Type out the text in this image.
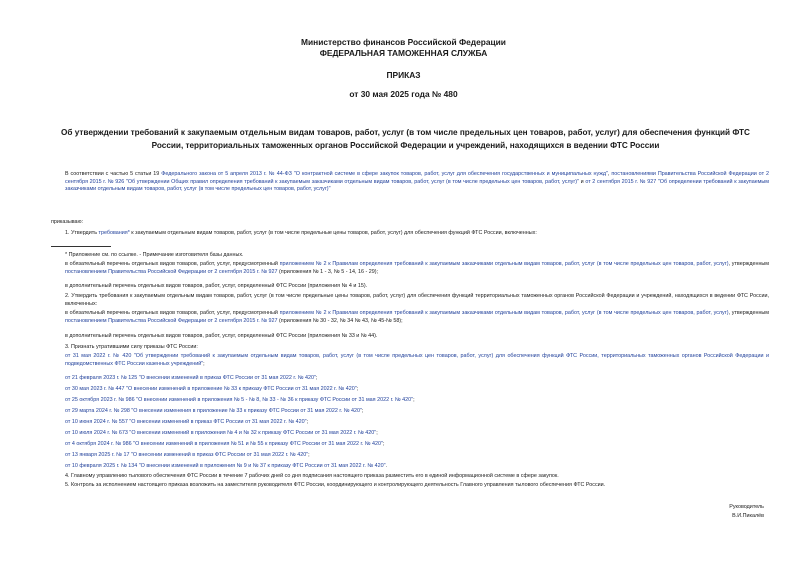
Министерство финансов Российской Федерации
ФЕДЕРАЛЬНАЯ ТАМОЖЕННАЯ СЛУЖБА
ПРИКАЗ
от 30 мая 2025 года № 480
Об утверждении требований к закупаемым отдельным видам товаров, работ, услуг (в том числе предельных цен товаров, работ, услуг) для обеспечения функций ФТС России, территориальных таможенных органов Российской Федерации и учреждений, находящихся в ведении ФТС России
В соответствии с частью 5 статьи 19 Федерального закона от 5 апреля 2013 г. № 44-ФЗ "О контрактной системе в сфере закупок товаров, работ, услуг для обеспечения государственных и муниципальных нужд", постановлениями Правительства Российской Федерации от 2 сентября 2015 г. № 926 "Об утверждении Общих правил определения требований к закупаемым заказчиками отдельным видам товаров, работ, услуг (в том числе предельных цен товаров, работ, услуг)" и от 2 сентября 2015 г. № 927 "Об определении требований к закупаемым заказчиками отдельным видам товаров, работ, услуг (в том числе предельных цен товаров, работ, услуг)"
приказываю:
1. Утвердить требования* к закупаемым отдельным видам товаров, работ, услуг (в том числе предельные цены товаров, работ, услуг) для обеспечения функций ФТС России, включенных:
* Приложение см. по ссылке. - Примечание изготовителя базы данных.
в обязательный перечень отдельных видов товаров, работ, услуг, предусмотренный приложением № 2 к Правилам определения требований к закупаемым заказчиками отдельным видам товаров, работ, услуг (в том числе предельных цен товаров, работ, услуг), утвержденным постановлением Правительства Российской Федерации от 2 сентября 2015 г. № 927 (приложения № 1 - 3, № 5 - 14, 16 - 29);
в дополнительный перечень отдельных видов товаров, работ, услуг, определенный ФТС России (приложения № 4 и 15).
2. Утвердить требования к закупаемым отдельным видам товаров, работ, услуг (в том числе предельные цены товаров, работ, услуг) для обеспечения функций территориальных таможенных органов Российской Федерации и учреждений, находящихся в ведении ФТС России, включенных:
в обязательный перечень отдельных видов товаров, работ, услуг, предусмотренный приложением № 2 к Правилам определения требований к закупаемым заказчиками отдельным видам товаров, работ, услуг (в том числе предельных цен товаров, работ, услуг), утвержденным постановлением Правительства Российской Федерации от 2 сентября 2015 г. № 927 (приложения № 30 - 32, № 34 № 43, № 45-№ 58);
в дополнительный перечень отдельных видов товаров, работ, услуг, определенный ФТС России (приложения № 33 и № 44).
3. Признать утратившими силу приказы ФТС России:
от 31 мая 2022 г. № 420 "Об утверждении требований к закупаемым отдельным видам товаров, работ, услуг (в том числе предельных цен товаров, работ, услуг) для обеспечения функций ФТС России, территориальных таможенных органов Российской Федерации и подведомственных ФТС России казенных учреждений";
от 21 февраля 2023 г. № 125 "О внесении изменений в приказ ФТС России от 31 мая 2022 г. № 420";
от 30 мая 2023 г. № 447 "О внесении изменений в приложение № 33 к приказу ФТС России от 31 мая 2022 г. № 420";
от 25 октября 2023 г. № 986 "О внесении изменений в приложения № 5 - № 8, № 33 - № 36 к приказу ФТС России от 31 мая 2022 г. № 420";
от 29 марта 2024 г. № 298 "О внесении изменения в приложение № 33 к приказу ФТС России от 31 мая 2022 г. № 420";
от 10 июня 2024 г. № 557 "О внесении изменений в приказ ФТС России от 31 мая 2022 г. № 420";
от 10 июля 2024 г. № 673 "О внесении изменений в приложения № 4 и № 32 к приказу ФТС России от 31 мая 2022 г. № 420";
от 4 октября 2024 г. № 986 "О внесении изменений в приложения № 51 и № 55 к приказу ФТС России от 31 мая 2022 г. № 420";
от 13 января 2025 г. № 17 "О внесении изменений в приказ ФТС России от 31 мая 2022 г. № 420";
от 10 февраля 2025 г. № 134 "О внесении изменений в приложения № 9 и № 37 к приказу ФТС России от 31 мая 2022 г. № 420".
4. Главному управлению тылового обеспечения ФТС России в течение 7 рабочих дней со дня подписания настоящего приказа разместить его в единой информационной системе в сфере закупок.
5. Контроль за исполнением настоящего приказа возложить на заместителя руководителя ФТС России, координирующего и контролирующего деятельность Главного управления тылового обеспечения ФТС России.
Руководитель
В.И.Пикалёв
